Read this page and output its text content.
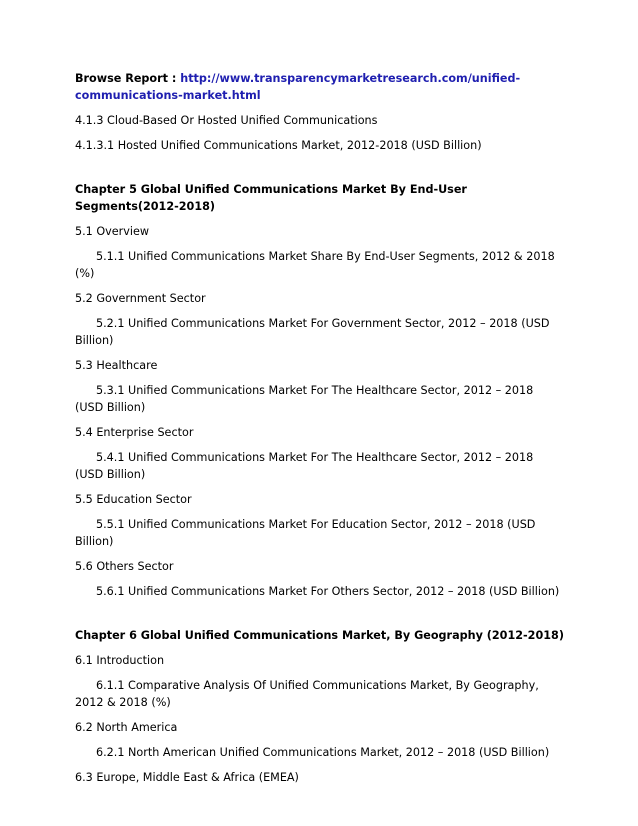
Browse Report : http://www.transparencymarketresearch.com/unified-communications-market.html

4.1.3 Cloud-Based Or Hosted Unified Communications

4.1.3.1 Hosted Unified Communications Market, 2012-2018 (USD Billion)

Chapter 5 Global Unified Communications Market By End-User Segments(2012-2018)

5.1 Overview

5.1.1 Unified Communications Market Share By End-User Segments, 2012 & 2018 (%)

5.2 Government Sector

5.2.1 Unified Communications Market For Government Sector, 2012 – 2018 (USD Billion)

5.3 Healthcare

5.3.1 Unified Communications Market For The Healthcare Sector, 2012 – 2018 (USD Billion)

5.4 Enterprise Sector

5.4.1 Unified Communications Market For The Healthcare Sector, 2012 – 2018 (USD Billion)

5.5 Education Sector

5.5.1 Unified Communications Market For Education Sector, 2012 – 2018 (USD Billion)

5.6 Others Sector

5.6.1 Unified Communications Market For Others Sector, 2012 – 2018 (USD Billion)

Chapter 6 Global Unified Communications Market, By Geography (2012-2018)

6.1 Introduction

6.1.1 Comparative Analysis Of Unified Communications Market, By Geography, 2012 & 2018 (%)

6.2 North America

6.2.1 North American Unified Communications Market, 2012 – 2018 (USD Billion)

6.3 Europe, Middle East & Africa (EMEA)
